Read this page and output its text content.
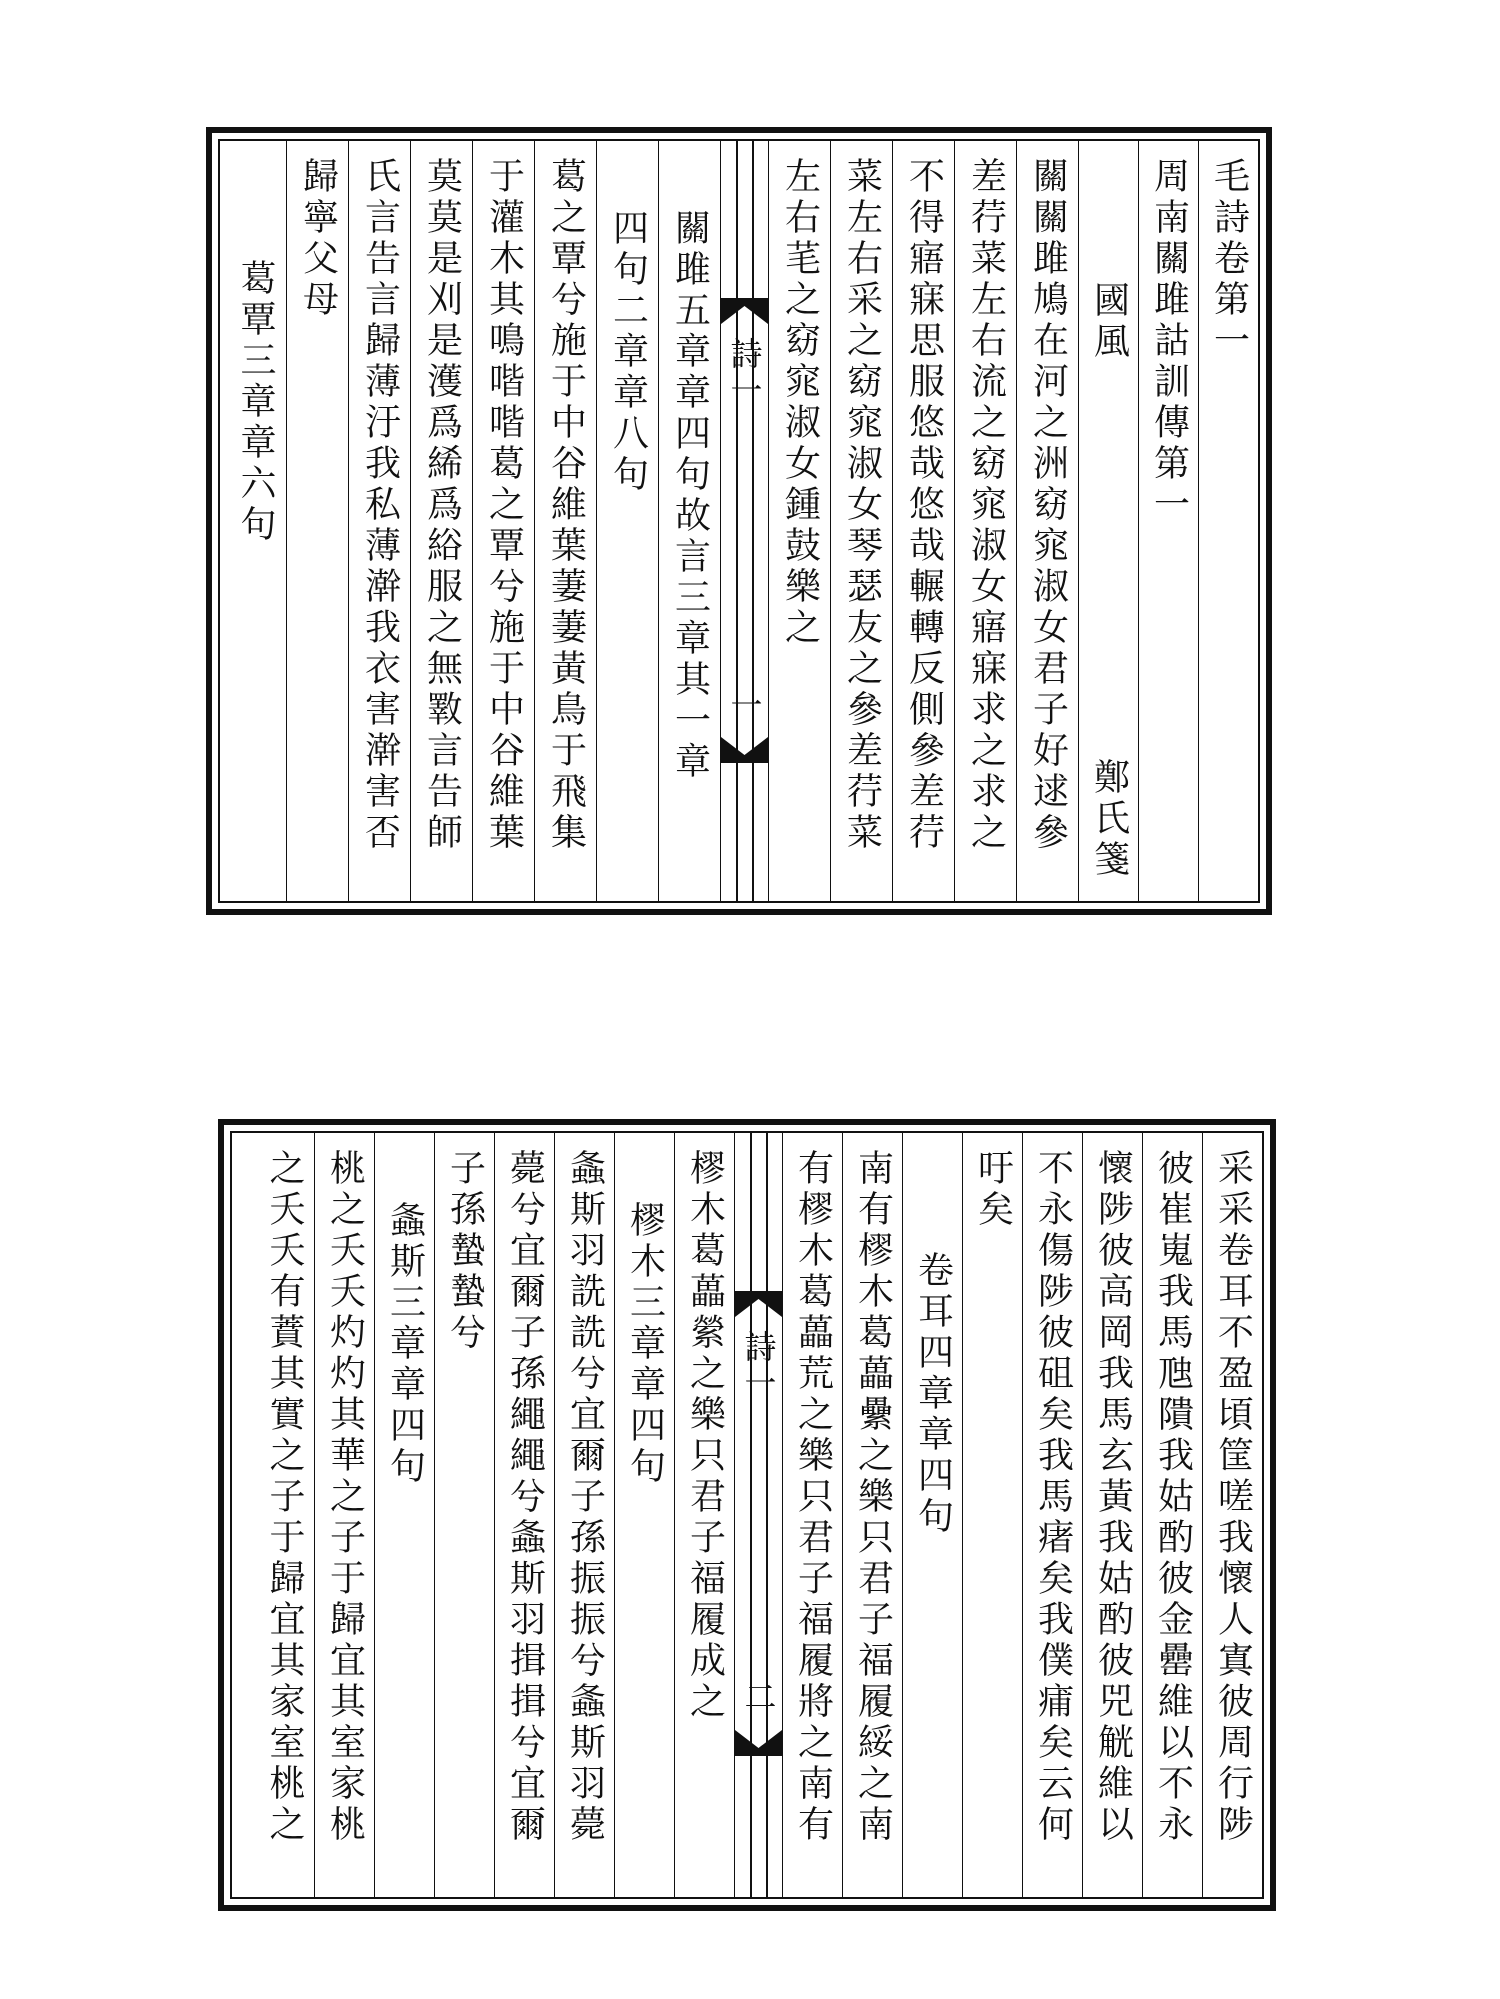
毛詩卷第一
周南關雎詁訓傳第一
國風
鄭氏箋
關關雎鳩在河之洲窈窕淑女君子好逑參
差荇菜左右流之窈窕淑女寤寐求之求之
不得寤寐思服悠哉悠哉輾轉反側參差荇
菜左右采之窈窕淑女琴瑟友之參差荇菜
左右芼之窈窕淑女鍾鼓樂之
詩一
一
關雎五章章四句故言三章其一章
四句二章章八句
葛之覃兮施于中谷維葉萋萋黃鳥于飛集
于灌木其鳴喈喈葛之覃兮施于中谷維葉
莫莫是刈是濩爲絺爲綌服之無斁言告師
氏言告言歸薄汙我私薄澣我衣害澣害否
歸寧父母
葛覃三章章六句
采采卷耳不盈頃筐嗟我懷人寘彼周行陟
彼崔嵬我馬虺隤我姑酌彼金罍維以不永
懷陟彼高岡我馬玄黃我姑酌彼兕觥維以
不永傷陟彼砠矣我馬瘏矣我僕痡矣云何
吁矣
卷耳四章章四句
南有樛木葛藟纍之樂只君子福履綏之南
有樛木葛藟荒之樂只君子福履將之南有
詩一
二
樛木葛藟縈之樂只君子福履成之
樛木三章章四句
螽斯羽詵詵兮宜爾子孫振振兮螽斯羽薨
薨兮宜爾子孫繩繩兮螽斯羽揖揖兮宜爾
子孫蟄蟄兮
螽斯三章章四句
桃之夭夭灼灼其華之子于歸宜其室家桃
之夭夭有蕡其實之子于歸宜其家室桃之
